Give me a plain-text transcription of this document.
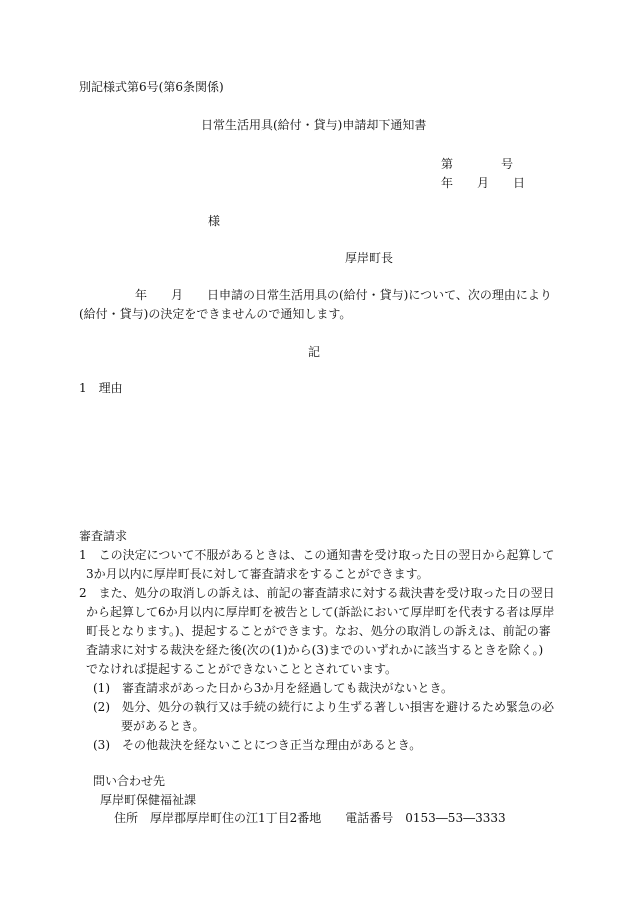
別記様式第6号(第6条関係)
日常生活用具(給付・貸与)申請却下通知書
第　　　　号
年　　月　　日
様
厚岸町長
年　　月　　日申請の日常生活用具の(給付・貸与)について、次の理由により
(給付・貸与)の決定をできませんので通知します。
記
1　理由
審査請求
1　この決定について不服があるときは、この通知書を受け取った日の翌日から起算して
3か月以内に厚岸町長に対して審査請求をすることができます。
2　また、処分の取消しの訴えは、前記の審査請求に対する裁決書を受け取った日の翌日
から起算して6か月以内に厚岸町を被告として(訴訟において厚岸町を代表する者は厚岸
町長となります。)、提起することができます。なお、処分の取消しの訴えは、前記の審
査請求に対する裁決を経た後(次の(1)から(3)までのいずれかに該当するときを除く。)
でなければ提起することができないこととされています。
(1)　審査請求があった日から3か月を経過しても裁決がないとき。
(2)　処分、処分の執行又は手続の続行により生ずる著しい損害を避けるため緊急の必
要があるとき。
(3)　その他裁決を経ないことにつき正当な理由があるとき。
問い合わせ先
厚岸町保健福祉課
住所　厚岸郡厚岸町住の江1丁目2番地　　電話番号　0153―53―3333
